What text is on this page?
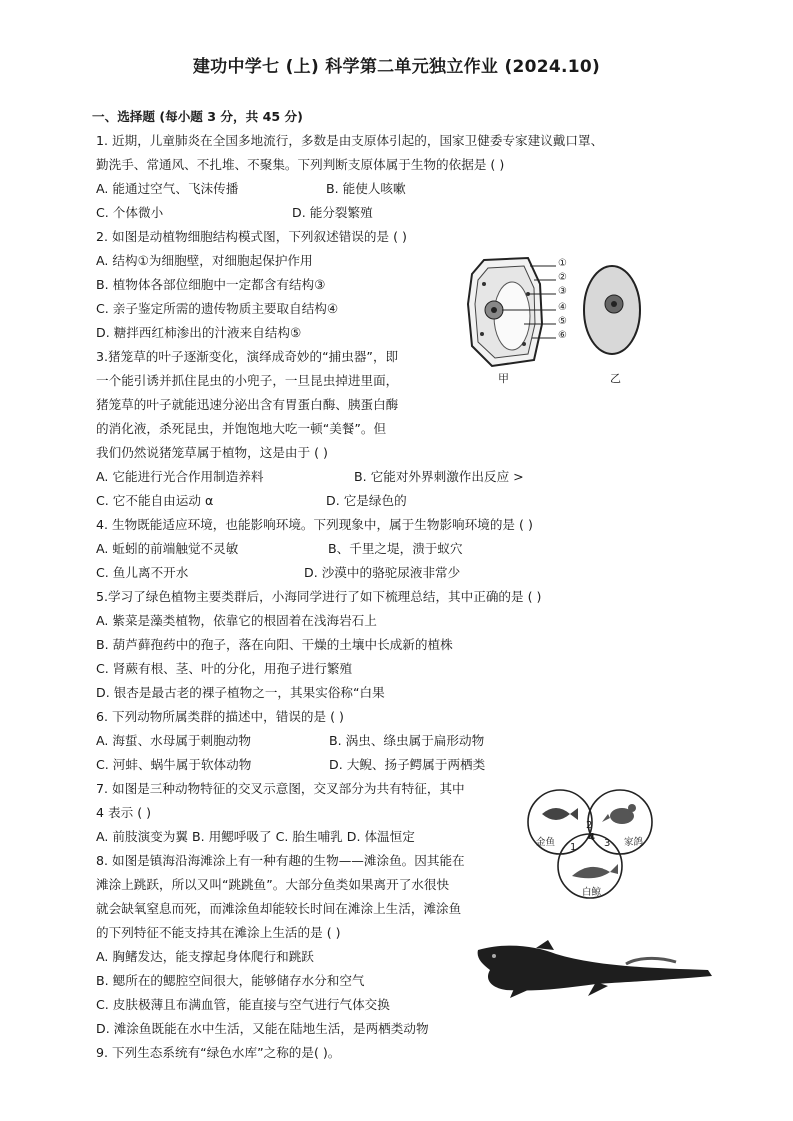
建功中学七 (上) 科学第二单元独立作业 (2024.10)
一、选择题 (每小题 3 分，共 45 分)
1. 近期，儿童肺炎在全国多地流行，多数是由支原体引起的，国家卫健委专家建议戴口罩、
勤洗手、常通风、不扎堆、不聚集。下列判断支原体属于生物的依据是 ( )
A. 能通过空气、飞沫传播	B. 能使人咳嗽
C. 个体微小	D. 能分裂繁殖
2. 如图是动植物细胞结构模式图，下列叙述错误的是 ( )
A. 结构①为细胞壁，对细胞起保护作用
B. 植物体各部位细胞中一定都含有结构③
C. 亲子鉴定所需的遗传物质主要取自结构④
D. 糖拌西红柿渗出的汁液来自结构⑤
①
②
③
④
⑤
⑥
甲	乙
3.猪笼草的叶子逐渐变化，演绎成奇妙的“捕虫器”，即
一个能引诱并抓住昆虫的小兜子，一旦昆虫掉进里面，
猪笼草的叶子就能迅速分泌出含有胃蛋白酶、胰蛋白酶
的消化液，杀死昆虫，并饱饱地大吃一顿“美餐”。但
我们仍然说猪笼草属于植物，这是由于 ( )
A. 它能进行光合作用制造养料	B. 它能对外界刺激作出反应 >
C. 它不能自由运动 α	D. 它是绿色的
4. 生物既能适应环境，也能影响环境。下列现象中，属于生物影响环境的是 ( )
A. 蚯蚓的前端触觉不灵敏	B、千里之堤，溃于蚁穴
C. 鱼儿离不开水	D. 沙漠中的骆驼尿液非常少
5.学习了绿色植物主要类群后，小海同学进行了如下梳理总结，其中正确的是 ( )
A. 紫菜是藻类植物，依靠它的根固着在浅海岩石上
B. 葫芦藓孢药中的孢子，落在向阳、干燥的土壤中长成新的植株
C. 肾蕨有根、茎、叶的分化，用孢子进行繁殖
D. 银杏是最古老的裸子植物之一，其果实俗称“白果
6. 下列动物所属类群的描述中，错误的是 ( )
A. 海蜇、水母属于刺胞动物	B. 涡虫、绦虫属于扁形动物
C. 河蚌、蜗牛属于软体动物	D. 大鲵、扬子鳄属于两栖类
7. 如图是三种动物特征的交叉示意图，交叉部分为共有特征，其中
4 表示 ( )
A. 前肢演变为翼 B. 用鳃呼吸了 C. 胎生哺乳 D. 体温恒定
2
1	3
4
金鱼	家鸽
白鲸
8. 如图是镇海沿海滩涂上有一种有趣的生物——滩涂鱼。因其能在
滩涂上跳跃，所以又叫“跳跳鱼”。大部分鱼类如果离开了水很快
就会缺氧窒息而死，而滩涂鱼却能较长时间在滩涂上生活，滩涂鱼
的下列特征不能支持其在滩涂上生活的是 ( )
A. 胸鳍发达，能支撑起身体爬行和跳跃
B. 鳃所在的鳃腔空间很大，能够储存水分和空气
C. 皮肤极薄且布满血管，能直接与空气进行气体交换
D. 滩涂鱼既能在水中生活，又能在陆地生活，是两栖类动物
9. 下列生态系统有“绿色水库”之称的是( )。
